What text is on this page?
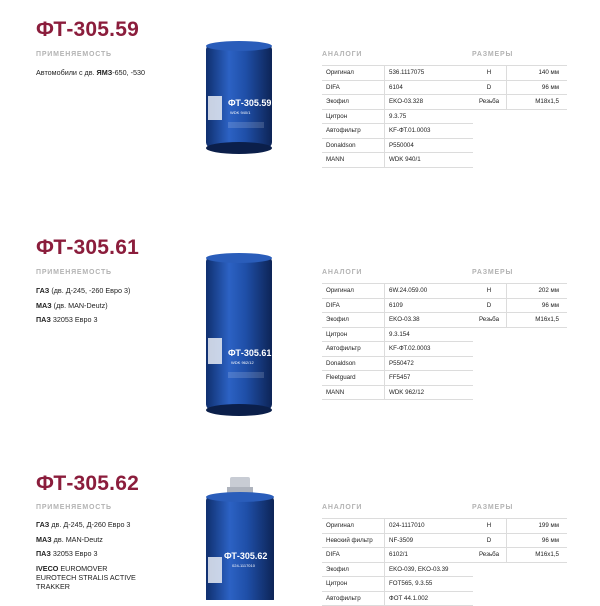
ФТ-305.59
ПРИМЕНЯЕМОСТЬ
Автомобили с дв. ЯМЗ-650, -530
ФТ-305.59
WDK 940/1
АНАЛОГИ
Оригинал	536.1117075
DIFA	6104
Экофил	EKO-03.328
Цитрон	9.3.75
Автофильтр	KF-ФТ.01.0003
Donaldson	P550004
MANN	WDK 940/1
РАЗМЕРЫ
H	140 мм
D	96 мм
Резьба	M18x1,5
ФТ-305.61
ПРИМЕНЯЕМОСТЬ
ГАЗ (дв. Д-245, -260 Евро 3)
МАЗ (дв. MAN-Deutz)
ПАЗ 32053 Евро 3
ФТ-305.61
WDK 962/12
АНАЛОГИ
Оригинал	6W.24.059.00
DIFA	6109
Экофил	EKO-03.38
Цитрон	9.3.154
Автофильтр	KF-ФТ.02.0003
Donaldson	P550472
Fleetguard	FF5457
MANN	WDK 962/12
РАЗМЕРЫ
H	202 мм
D	96 мм
Резьба	M16x1,5
ФТ-305.62
ПРИМЕНЯЕМОСТЬ
ГАЗ дв. Д-245, Д-260 Евро 3
МАЗ дв. MAN-Deutz
ПАЗ 32053 Евро 3
IVECO EUROMOVER EUROTECH STRALIS ACTIVE TRAKKER
ФТ-305.62
024-1117010
АНАЛОГИ
Оригинал	024-1117010
Невский фильтр	NF-3509
DIFA	6102/1
Экофил	EKO-039, EKO-03.39
Цитрон	FOT565, 9.3.55
Автофильтр	ФОТ 44.1.002
РАЗМЕРЫ
H	199 мм
D	96 мм
Резьба	M16x1,5
